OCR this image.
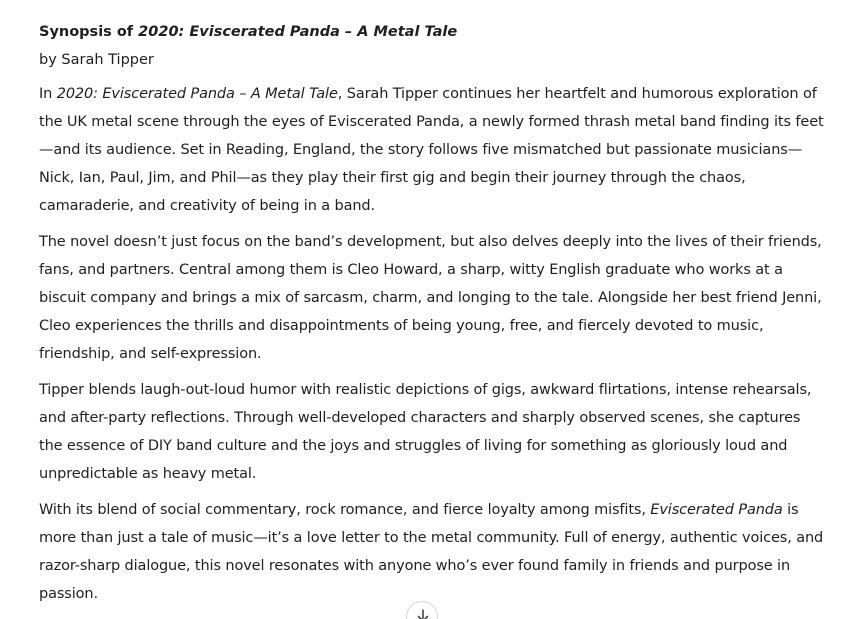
Synopsis of 2020: Eviscerated Panda – A Metal Tale

by Sarah Tipper

In 2020: Eviscerated Panda – A Metal Tale, Sarah Tipper continues her heartfelt and humorous exploration of
the UK metal scene through the eyes of Eviscerated Panda, a newly formed thrash metal band finding its feet
—and its audience. Set in Reading, England, the story follows five mismatched but passionate musicians—
Nick, Ian, Paul, Jim, and Phil—as they play their first gig and begin their journey through the chaos,
camaraderie, and creativity of being in a band.

The novel doesn’t just focus on the band’s development, but also delves deeply into the lives of their friends,
fans, and partners. Central among them is Cleo Howard, a sharp, witty English graduate who works at a
biscuit company and brings a mix of sarcasm, charm, and longing to the tale. Alongside her best friend Jenni,
Cleo experiences the thrills and disappointments of being young, free, and fiercely devoted to music,
friendship, and self-expression.

Tipper blends laugh-out-loud humor with realistic depictions of gigs, awkward flirtations, intense rehearsals,
and after-party reflections. Through well-developed characters and sharply observed scenes, she captures
the essence of DIY band culture and the joys and struggles of living for something as gloriously loud and
unpredictable as heavy metal.

With its blend of social commentary, rock romance, and fierce loyalty among misfits, Eviscerated Panda is
more than just a tale of music—it’s a love letter to the metal community. Full of energy, authentic voices, and
razor-sharp dialogue, this novel resonates with anyone who’s ever found family in friends and purpose in
passion.
